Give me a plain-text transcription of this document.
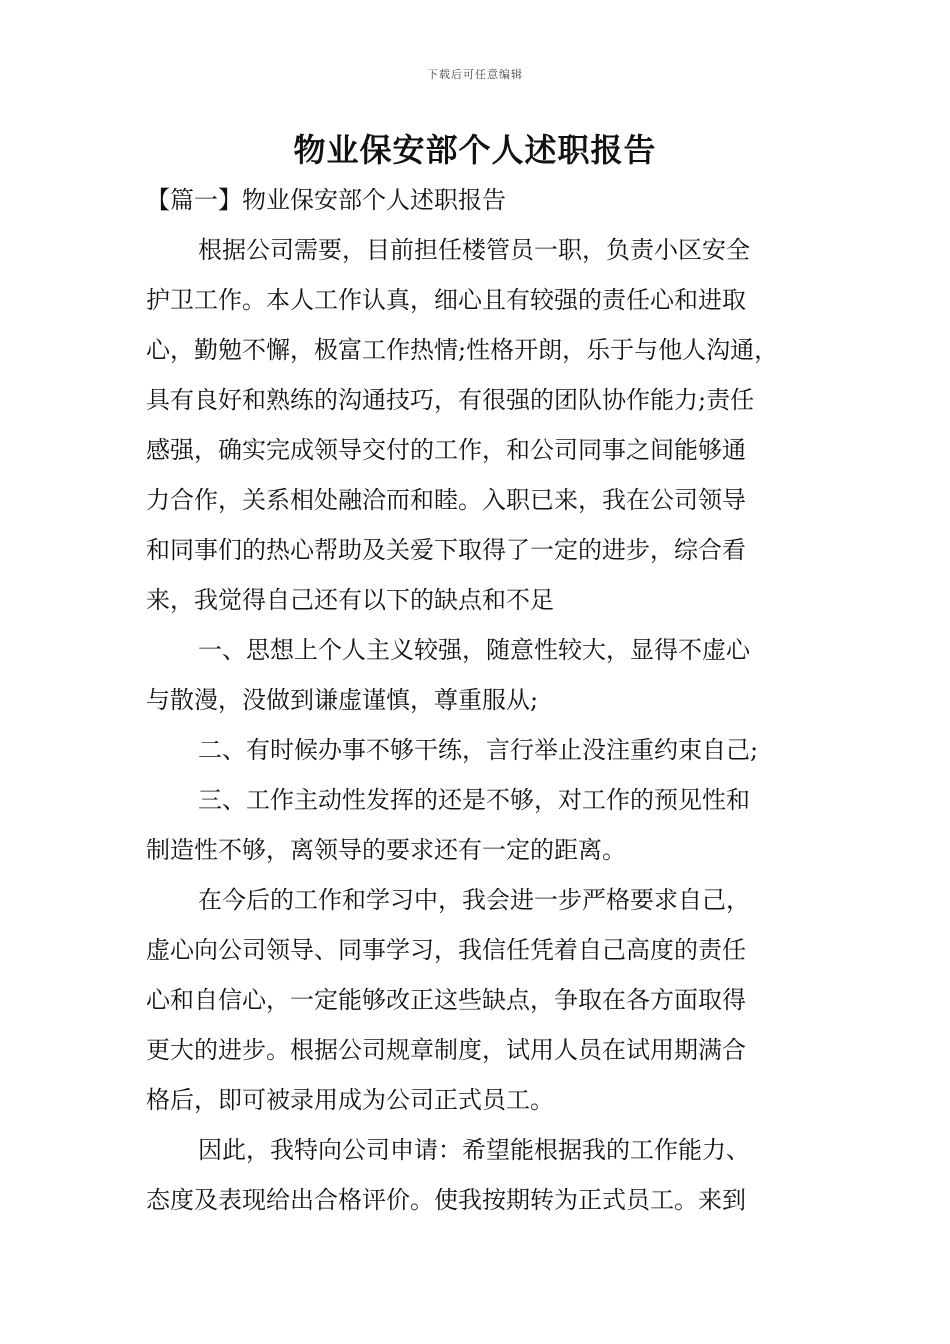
下载后可任意编辑
物业保安部个人述职报告
【篇一】物业保安部个人述职报告
根据公司需要，目前担任楼管员一职，负责小区安全
护卫工作。本人工作认真，细心且有较强的责任心和进取
心，勤勉不懈，极富工作热情;性格开朗，乐于与他人沟通，
具有良好和熟练的沟通技巧，有很强的团队协作能力;责任
感强，确实完成领导交付的工作，和公司同事之间能够通
力合作，关系相处融洽而和睦。入职已来，我在公司领导
和同事们的热心帮助及关爱下取得了一定的进步，综合看
来，我觉得自己还有以下的缺点和不足
一、思想上个人主义较强，随意性较大，显得不虚心
与散漫，没做到谦虚谨慎，尊重服从;
二、有时候办事不够干练，言行举止没注重约束自己;
三、工作主动性发挥的还是不够，对工作的预见性和
制造性不够，离领导的要求还有一定的距离。
在今后的工作和学习中，我会进一步严格要求自己，
虚心向公司领导、同事学习，我信任凭着自己高度的责任
心和自信心，一定能够改正这些缺点，争取在各方面取得
更大的进步。根据公司规章制度，试用人员在试用期满合
格后，即可被录用成为公司正式员工。
因此，我特向公司申请：希望能根据我的工作能力、
态度及表现给出合格评价。使我按期转为正式员工。来到
